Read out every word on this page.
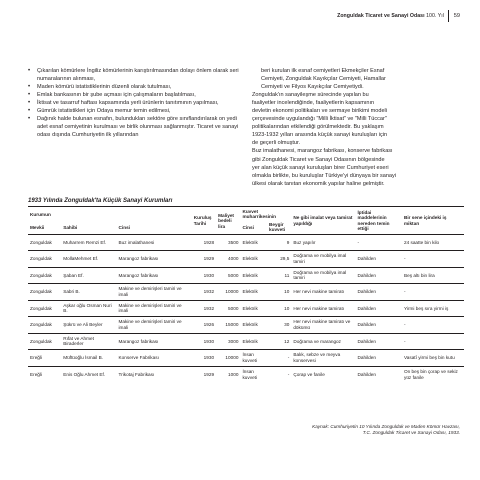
Zonguldak Ticaret ve Sanayi Odası 100. Yıl 59
• Çıkarılan kömürlere İngiliz kömürlerinin karıştırılmasından dolayı önlem olarak seri numaralarının alınması,
• Maden kömürü istatistiklerinin düzenli olarak tutulması,
• Emlak bankasının bir şube açması için çalışmaların başlatılması,
• İktisat ve tasarruf haftası kapsamında yerli ürünlerin tanıtımının yapılması,
• Gümrük istatistikleri için Odaya memur temin edilmesi,
• Dağınık halde bulunan esnafın, bulundukları sektöre göre sınıflandırılarak on yedi adet esnaf cemiyetinin kurulması ve birlik olunması sağlanmıştır. Ticaret ve sanayi odası dışında Cumhuriyetin ilk yıllarından
beri kurulan ilk esnaf cemiyetleri Ekmekçiler Esnaf
Cemiyeti, Zonguldak Kayıkçılar Cemiyeti, Hamallar
Cemiyeti ve Filyos Kayıkçılar Cemiyetiydi.
Zonguldak'ın sanayileşme sürecinde yapılan bu
faaliyetler incelendiğinde, faaliyetlerin kapsamının
devletin ekonomi politikaları ve sermaye birikimi modeli
çerçevesinde uygulandığı "Milli İktisat" ve "Milli Tüccar"
politikalarından etkilendiği görülmektedir. Bu yaklaşım
1923-1932 yılları arasında küçük sanayi kuruluşları için
de geçerli olmuştur.
Buz imalathanesi, marangoz fabrikası, konserve fabrikası
gibi Zonguldak Ticaret ve Sanayi Odasının bölgesinde
yer alan küçük sanayi kuruluşları birer Cumhuriyet eseri
olmakla birlikte, bu kuruluşlar Türkiye'yi dünyaya bir sanayi
ülkesi olarak tanıtan ekonomik yapılar haline gelmiştir.
1933 Yılında Zonguldak'ta Küçük Sanayi Kurumları
Kurumun			Kuruluş Tarihi	Maliyet bedeli lira	Kuvvet muharrikesinin		Ne gibi imalat veya tamirat yapıldığı	İptidai maddelerinin nereden temin ettiği	Bir sene içindeki iş miktarı
Mevkii	Sahibi	Cinsi			Cinsi	Beygir kuvveti			
Zonguldak	Muharrem Remzi Ef.	Buz imalathanesi	1928	3500	Elektrik	9	Buz yapılır	-	24 saatte bin kilo
Zonguldak	MollaMehmet Ef.	Marangoz fabrikası	1929	4000	Elektrik	29,5	Doğrama ve mobilya imal tamiri	Dahilden	-
Zonguldak	Şaban Ef.	Marangoz fabrikası	1930	5000	Elektrik	11	Doğrama ve mobilya imal tamiri	Dahilden	Beş altı bin lira
Zonguldak	Sabri B.	Makine ve demirişleri tamiri ve imali	1932	10000	Elektrik	10	Her nevi makine tamiratı	Dahilden	-
Zonguldak	Aşkar oğlu Osman Nuri B.	Makine ve demirişleri tamiri ve imali	1932	5000	Elektrik	10	Her nevi makine tamiratı	Dahilden	Yirmi beş sıra yirmi iş
Zonguldak	Şükrü ve Ali Beyler	Makine ve demirişleri tamiri ve imali	1926	15000	Elektrik	30	Her nevi makine tamiratı ve dökümü	Dahilden	-
Zonguldak	Rıfat ve Ahmet Biraderler	Marangoz fabrikası	1930	3000	Elektrik	12	Doğrama ve marangoz	Dahilden	-
Ereğli	Müftüoğlu İsmail B.	Konserve Fabrikası	1930	10000	İnsan kuvveti	-	Balık, sebze ve meyva konservesi	Dahilden	Vasatî yirmi beş bin kutu
Ereğli	Enis Oğlu Ahmet Ef.	Trikotaj Fabrikası	1929	1000	İnsan kuvveti	-	Çorap ve fanile	Dahilden	On beş bin çorap ve sekiz yüz fanile
Kaynak: Cumhuriyetin 10 Yılında Zonguldak ve Maden Kömür Havzası,
T.C. Zonguldak Ticaret ve Sanayi Odası, 1933.
